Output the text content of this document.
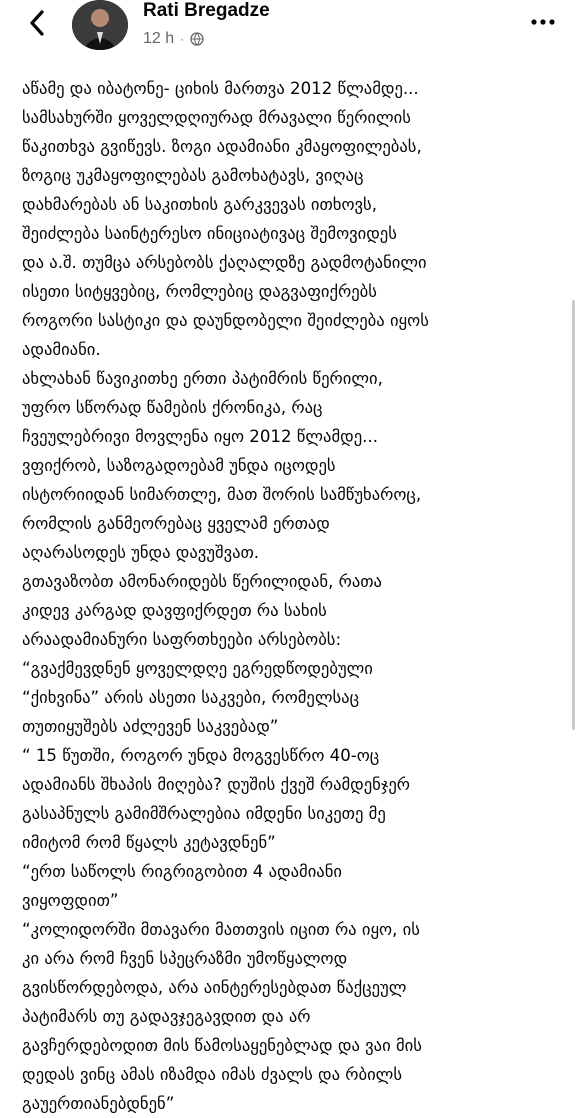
Rati Bregadze
12 h ·

აწამე და იბატონე- ციხის მართვა 2012 წლამდე...

სამსახურში ყოველდღიურად მრავალი წერილის

წაკითხვა გვიწევს. ზოგი ადამიანი კმაყოფილებას,

ზოგიც უკმაყოფილებას გამოხატავს, ვიღაც

დახმარებას ან საკითხის გარკვევას ითხოვს,

შეიძლება საინტერესო ინიციატივაც შემოვიდეს

და ა.შ. თუმცა არსებობს ქაღალდზე გადმოტანილი

ისეთი სიტყვებიც, რომლებიც დაგვაფიქრებს

როგორი სასტიკი და დაუნდობელი შეიძლება იყოს

ადამიანი.

ახლახან წავიკითხე ერთი პატიმრის წერილი,

უფრო სწორად წამების ქრონიკა, რაც

ჩვეულებრივი მოვლენა იყო 2012 წლამდე...

ვფიქრობ, საზოგადოებამ უნდა იცოდეს

ისტორიიდან სიმართლე, მათ შორის სამწუხაროც,

რომლის განმეორებაც ყველამ ერთად

აღარასოდეს უნდა დავუშვათ.

გთავაზობთ ამონარიდებს წერილიდან, რათა

კიდევ კარგად დავფიქრდეთ რა სახის

არაადამიანური საფრთხეები არსებობს:

“გვაქმევდნენ ყოველდღე ეგრედწოდებული

“ქიხვინა” არის ასეთი საკვები, რომელსაც

თუთიყუშებს აძლევენ საკვებად”

“ 15 წუთში, როგორ უნდა მოგვესწრო 40-ოც

ადამიანს შხაპის მიღება? დუშის ქვეშ რამდენჯერ

გასაპნულს გამიმშრალებია იმდენი სიკეთე მე

იმიტომ რომ წყალს კეტავდნენ”

“ერთ საწოლს რიგრიგობით 4 ადამიანი

ვიყოფდით”

“კოლიდორში მთავარი მათთვის იცით რა იყო, ის

კი არა რომ ჩვენ სპეცრაზმი უმოწყალოდ

გვისწორდებოდა, არა აინტერესებდათ წაქცეულ

პატიმარს თუ გადავჯეგავდით და არ

გავჩერდებოდით მის წამოსაყენებლად და ვაი მის

დედას ვინც ამას იზამდა იმას ძვალს და რბილს

გაუერთიანებდნენ”
